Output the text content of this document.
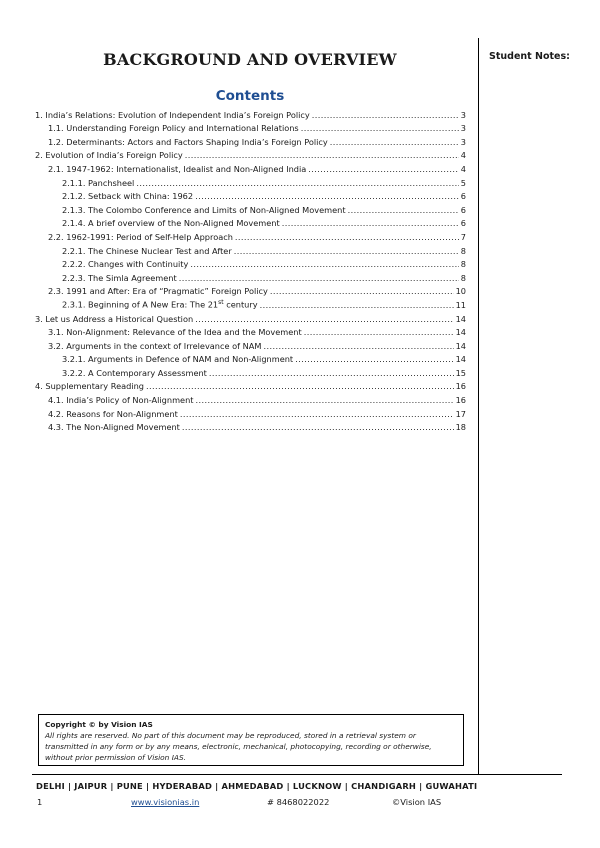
Student Notes:
BACKGROUND AND OVERVIEW
Contents
1. India’s Relations: Evolution of Independent India’s Foreign Policy .....	3
1.1. Understanding Foreign Policy and International Relations .....	3
1.2. Determinants: Actors and Factors Shaping India’s Foreign Policy .....	3
2. Evolution of India’s Foreign Policy .....	4
2.1. 1947-1962: Internationalist, Idealist and Non-Aligned India .....	4
2.1.1. Panchsheel .....	5
2.1.2. Setback with China: 1962 .....	6
2.1.3. The Colombo Conference and Limits of Non-Aligned Movement .....	6
2.1.4. A brief overview of the Non-Aligned Movement .....	6
2.2. 1962-1991: Period of Self-Help Approach .....	7
2.2.1. The Chinese Nuclear Test and After .....	8
2.2.2. Changes with Continuity .....	8
2.2.3. The Simla Agreement .....	8
2.3. 1991 and After: Era of “Pragmatic” Foreign Policy .....	10
2.3.1. Beginning of A New Era: The 21st century .....	11
3. Let us Address a Historical Question .....	14
3.1. Non-Alignment: Relevance of the Idea and the Movement .....	14
3.2. Arguments in the context of Irrelevance of NAM .....	14
3.2.1. Arguments in Defence of NAM and Non-Alignment .....	14
3.2.2. A Contemporary Assessment .....	15
4. Supplementary Reading .....	16
4.1. India’s Policy of Non-Alignment .....	16
4.2. Reasons for Non-Alignment .....	17
4.3. The Non-Aligned Movement .....	18
Copyright © by Vision IAS
All rights are reserved. No part of this document may be reproduced, stored in a retrieval system or transmitted in any form or by any means, electronic, mechanical, photocopying, recording or otherwise, without prior permission of Vision IAS.
DELHI | JAIPUR | PUNE | HYDERABAD | AHMEDABAD | LUCKNOW | CHANDIGARH | GUWAHATI
1	www.visionias.in	# 8468022022	©Vision IAS
